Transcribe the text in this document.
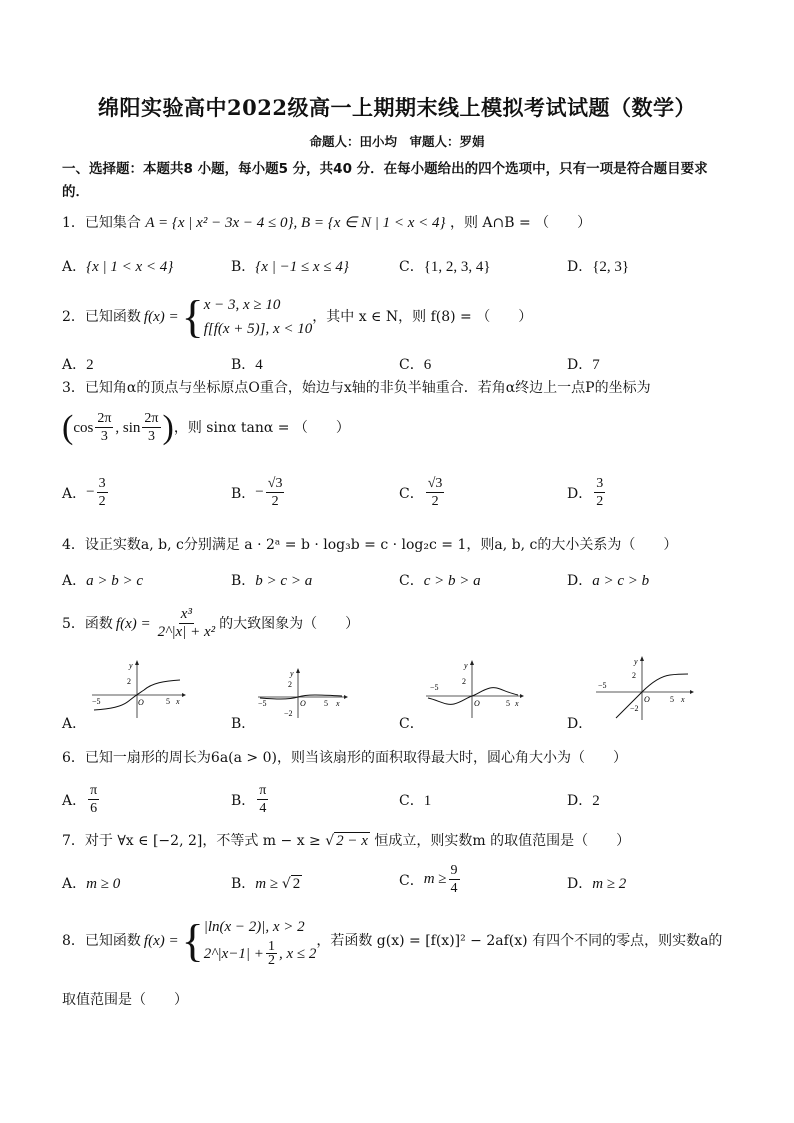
绵阳实验高中2022级高一上期期末线上模拟考试试题（数学）
命题人：田小均　审题人：罗娟
一、选择题：本题共8 小题，每小题5 分，共40 分．在每小题给出的四个选项中，只有一项是符合题目要求的．
1．已知集合 A = {x | x² − 3x − 4 ≤ 0}, B = {x ∈ N | 1 < x < 4} ，则 A∩B = （　　）
A．{x | 1 < x < 4}	B．{x | −1 ≤ x ≤ 4}	C．{1, 2, 3, 4}	D．{2, 3}
2．已知函数 f(x) = { x − 3, x ≥ 10
f[f(x + 5)], x < 10
，其中 x ∈ N，则 f(8) = （　　）
A．2	B．4	C．6	D．7
3．已知角α的顶点与坐标原点O重合，始边与x轴的非负半轴重合．若角α终边上一点P的坐标为
( $\cos \frac{2\pi}{3}$ , $\sin \frac{2\pi}{3}$ ) ，则 sinα tanα = （　　）
A． − $\frac{3}{2}$	B． − $\frac{√3}{2}$	C． $\frac{√3}{2}$	D． $\frac{3}{2}$
4．设正实数a, b, c分别满足 a · 2ᵃ = b · log₃b = c · log₂c = 1，则a, b, c的大小关系为（　　）
A．a > b > c	B．b > c > a	C．c > b > a	D．a > c > b
5．函数 $f(x) = \frac{\text{x³}}{\text{2\textasciicircum{}|x| + x²}}$ 的大致图象为（　　）
A．
y
2
−5	O	5 x
B．
y
2
−5	O 5 x
−2
C．
y
2
−5
O	5 x
D．
y
2
−5
O	5 x
−2
6．已知一扇形的周长为6a(a > 0)，则当该扇形的面积取得最大时，圆心角大小为（　　）
A． $\frac{\pi}{6}$	B． $\frac{\pi}{4}$	C．1	D．2
7．对于 ∀x ∈ [−2, 2]，不等式 m − x ≥ √ 2 − x 恒成立，则实数m 的取值范围是（　　）
A．m ≥ 0	B．m ≥ √ 2	C． $m \ge \frac{9}{4}$	D．m ≥ 2
8．已知函数 f(x) = { |ln(x − 2)|, x > 2
2^|x−1| + $\frac{1}{2}$ , x ≤ 2
，若函数 g(x) = [f(x)]² − 2af(x) 有四个不同的零点，则实数a的
取值范围是（　　）
